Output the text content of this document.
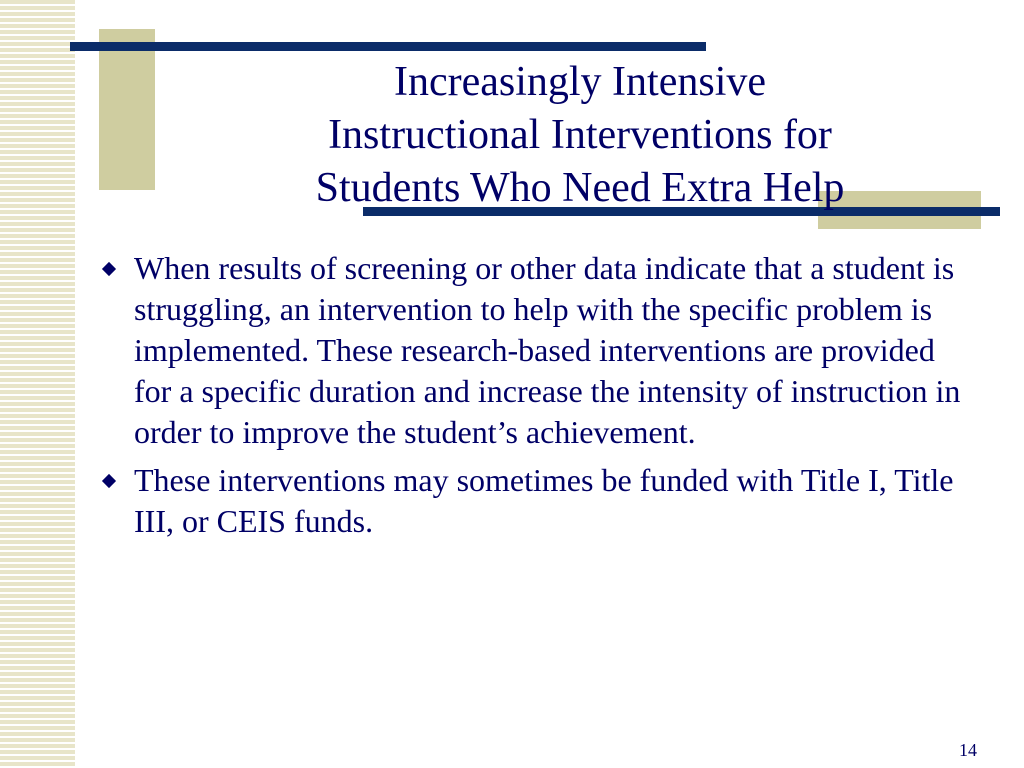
Increasingly Intensive
Instructional Interventions for
Students Who Need Extra Help
When results of screening or other data indicate that a student is struggling, an intervention to help with the specific problem is implemented. These research-based interventions are provided for a specific duration and increase the intensity of instruction in order to improve the student’s achievement.
These interventions may sometimes be funded with Title I, Title III, or CEIS funds.
14
